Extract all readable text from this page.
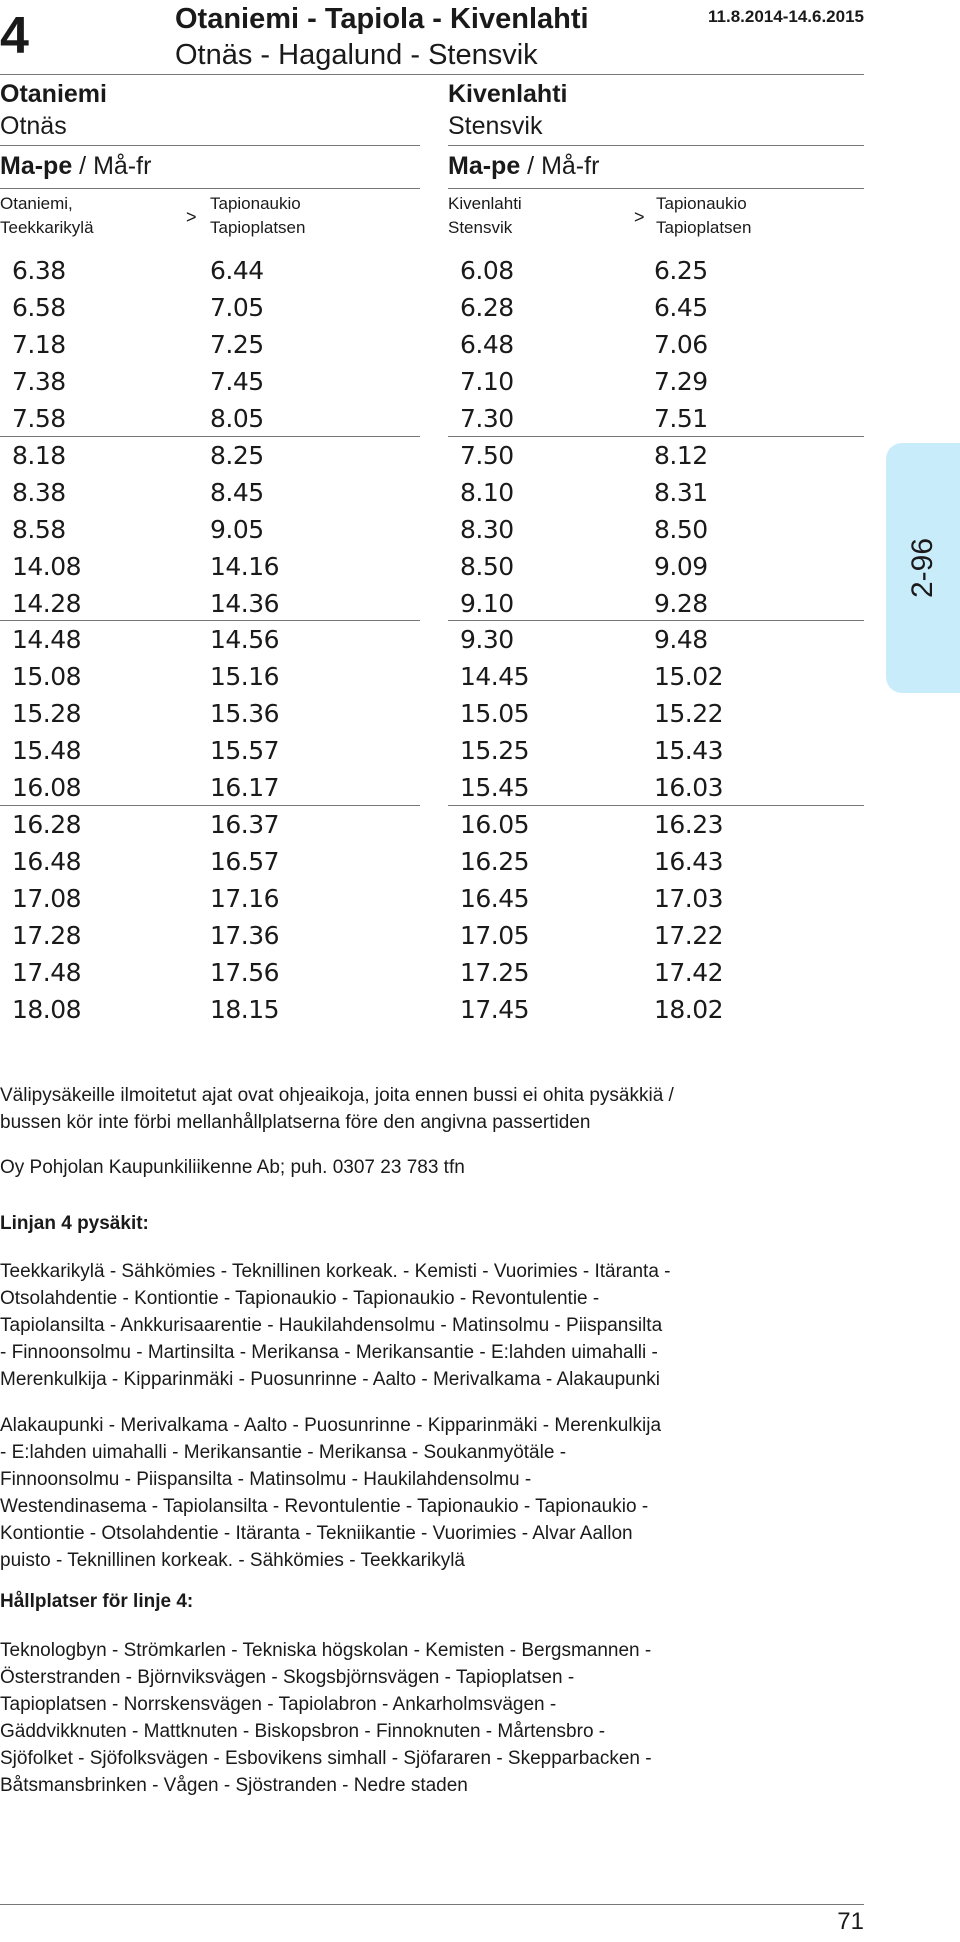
4	Otaniemi - Tapiola - Kivenlahti
Otnäs - Hagalund - Stensvik
11.8.2014-14.6.2015
Otaniemi
Otnäs
Kivenlahti
Stensvik
Ma-pe / Må-fr	Ma-pe / Må-fr
Otaniemi,
Teekkarikylä
>
Tapionaukio
Tapioplatsen
Kivenlahti
Stensvik
>
Tapionaukio
Tapioplatsen
6.38	6.44
6.58	7.05
7.18	7.25
7.38	7.45
7.58	8.05
8.18	8.25
8.38	8.45
8.58	9.05
14.08	14.16
14.28	14.36
14.48	14.56
15.08	15.16
15.28	15.36
15.48	15.57
16.08	16.17
16.28	16.37
16.48	16.57
17.08	17.16
17.28	17.36
17.48	17.56
18.08	18.15
6.08	6.25
6.28	6.45
6.48	7.06
7.10	7.29
7.30	7.51
7.50	8.12
8.10	8.31
8.30	8.50
8.50	9.09
9.10	9.28
9.30	9.48
14.45	15.02
15.05	15.22
15.25	15.43
15.45	16.03
16.05	16.23
16.25	16.43
16.45	17.03
17.05	17.22
17.25	17.42
17.45	18.02
2-96
Välipysäkeille ilmoitetut ajat ovat ohjeaikoja, joita ennen bussi ei ohita pysäkkiä /
bussen kör inte förbi mellanhållplatserna före den angivna passertiden
Oy Pohjolan Kaupunkiliikenne Ab; puh. 0307 23 783 tfn
Linjan 4 pysäkit:
Teekkarikylä - Sähkömies - Teknillinen korkeak. - Kemisti - Vuorimies - Itäranta -
Otsolahdentie - Kontiontie - Tapionaukio - Tapionaukio - Revontulentie -
Tapiolansilta - Ankkurisaarentie - Haukilahdensolmu - Matinsolmu - Piispansilta
- Finnoonsolmu - Martinsilta - Merikansa - Merikansantie - E:lahden uimahalli -
Merenkulkija - Kipparinmäki - Puosunrinne - Aalto - Merivalkama - Alakaupunki
Alakaupunki - Merivalkama - Aalto - Puosunrinne - Kipparinmäki - Merenkulkija
- E:lahden uimahalli - Merikansantie - Merikansa - Soukanmyötäle -
Finnoonsolmu - Piispansilta - Matinsolmu - Haukilahdensolmu -
Westendinasema - Tapiolansilta - Revontulentie - Tapionaukio - Tapionaukio -
Kontiontie - Otsolahdentie - Itäranta - Tekniikantie - Vuorimies - Alvar Aallon
puisto - Teknillinen korkeak. - Sähkömies - Teekkarikylä
Hållplatser för linje 4:
Teknologbyn - Strömkarlen - Tekniska högskolan - Kemisten - Bergsmannen -
Österstranden - Björnviksvägen - Skogsbjörnsvägen - Tapioplatsen -
Tapioplatsen - Norrskensvägen - Tapiolabron - Ankarholmsvägen -
Gäddvikknuten - Mattknuten - Biskopsbron - Finnoknuten - Mårtensbro -
Sjöfolket - Sjöfolksvägen - Esbovikens simhall - Sjöfararen - Skepparbacken -
Båtsmansbrinken - Vågen - Sjöstranden - Nedre staden
71
